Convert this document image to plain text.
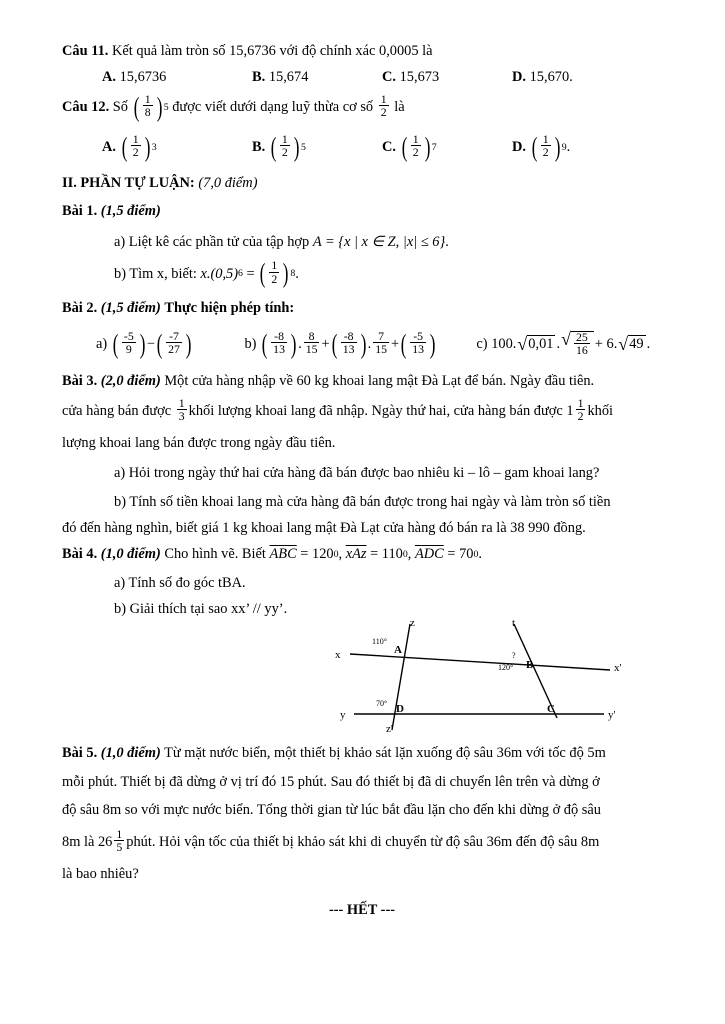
Câu 11. Kết quả làm tròn số 15,6736 với độ chính xác 0,0005 là
A.
15,6736	B.
15,674	C.
15,673	D.
15,670.
Câu 12.
Số
( $\frac{1}{8}$ ) 5
được viết dưới dạng luỹ thừa cơ số
$\frac{1}{2}$
là
A.
( $\frac{1}{2}$ ) 3	B.
( $\frac{1}{2}$ ) 5	C.
( $\frac{1}{2}$ ) 7	D.
( $\frac{1}{2}$ ) 9 .
II. PHẦN TỰ LUẬN: (7,0 điểm)
Bài 1. (1,5 điểm)
a) Liệt kê các phần tử của tập hợp A = {x | x ∈ Z, |x| ≤ 6}.
b) Tìm x, biết:
x.(0,5) 6
=
( $\frac{1}{2}$ ) 8 .
Bài 2. (1,5 điểm) Thực hiện phép tính:
a)
( $\frac{-5}{9}$ ) − ( $\frac{-7}{27}$ )	b)
( $\frac{-8}{13}$ ) . $\frac{8}{15}$ + ( $\frac{-8}{13}$ ) . $\frac{7}{15}$ + ( $\frac{-5}{13}$ )	c)
100. √ 0,01 . √ $\frac{25}{16} + 6$. √ 49 .
Bài 3. (2,0 điểm) Một cửa hàng nhập về 60 kg khoai lang mật Đà Lạt để bán. Ngày đầu tiên.
cửa hàng bán được
$\frac{1}{3}$ khối lượng khoai lang đã nhập. Ngày thứ hai, cửa hàng bán được $1 \frac{1}{2}$ khối
lượng khoai lang bán được trong ngày đầu tiên.
a) Hỏi trong ngày thứ hai cửa hàng đã bán được bao nhiêu ki – lô – gam khoai lang?
b) Tính số tiền khoai lang mà cửa hàng đã bán được trong hai ngày và làm tròn số tiền
đó đến hàng nghìn, biết giá 1 kg khoai lang mật Đà Lạt cửa hàng đó bán ra là 38 990 đồng.
Bài 4.
(1,0 điểm)
Cho hình vẽ. Biết
$\overline{ABC}$
= 120 0 , $\overline{xAz}$
= 110 0 , $\overline{ADC}$
= 70 0 .
a) Tính số đo góc tBA.
b) Giải thích tại sao xx’ // yy’.
x
z	t
x'
y	y'
z'
A
B
C
D
110°
?
120°
70°
Bài 5. (1,0 điểm) Từ mặt nước biển, một thiết bị khảo sát lặn xuống độ sâu 36m với tốc độ 5m
mỗi phút. Thiết bị đã dừng ở vị trí đó 15 phút. Sau đó thiết bị đã di chuyển lên trên và dừng ở
độ sâu 8m so với mực nước biển. Tổng thời gian từ lúc bắt đầu lặn cho đến khi dừng ở độ sâu
8m là $26 \frac{1}{5}$ phút. Hỏi vận tốc của thiết bị khảo sát khi di chuyển từ độ sâu 36m đến độ sâu 8m
là bao nhiêu?
--- HẾT ---
